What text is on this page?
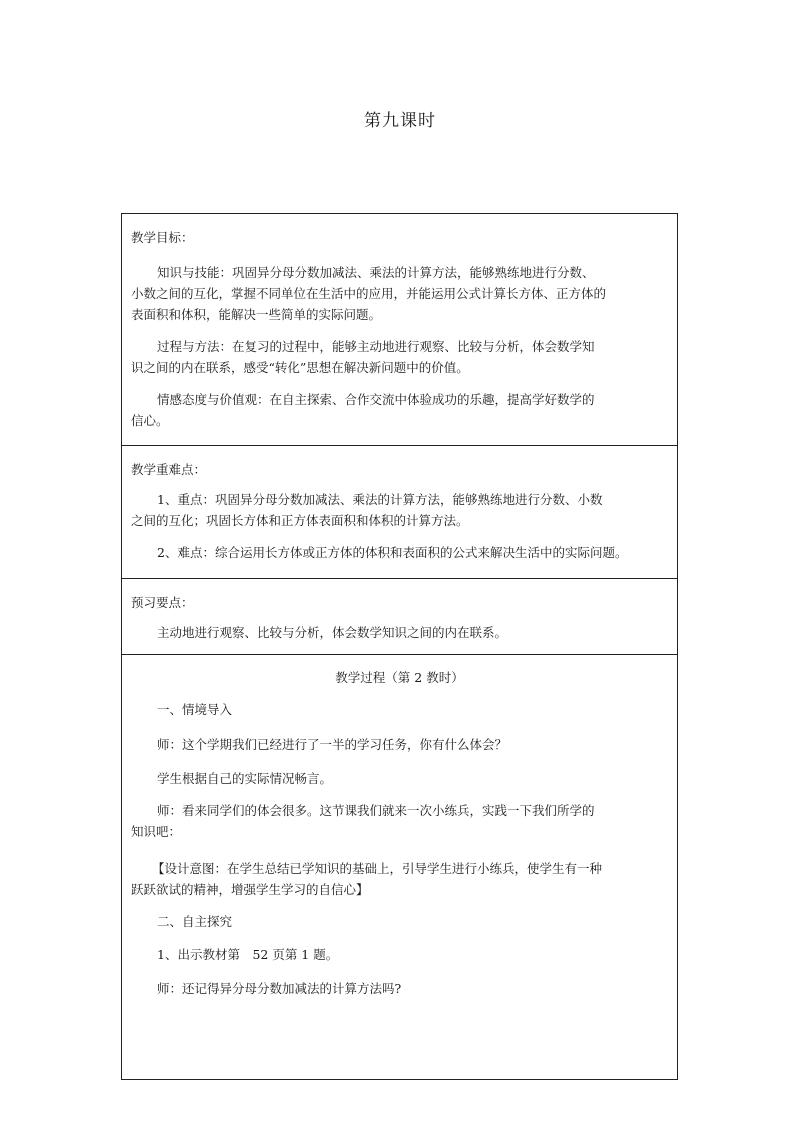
第九课时
教学目标：
知识与技能：巩固异分母分数加减法、乘法的计算方法，能够熟练地进行分数、小数之间的互化，掌握不同单位在生活中的应用，并能运用公式计算长方体、正方体的表面积和体积，能解决一些简单的实际问题。
过程与方法：在复习的过程中，能够主动地进行观察、比较与分析，体会数学知识之间的内在联系，感受“转化”思想在解决新问题中的价值。
情感态度与价值观：在自主探索、合作交流中体验成功的乐趣，提高学好数学的信心。
教学重难点：
1、重点：巩固异分母分数加减法、乘法的计算方法，能够熟练地进行分数、小数之间的互化；巩固长方体和正方体表面积和体积的计算方法。
2、难点：综合运用长方体或正方体的体积和表面积的公式来解决生活中的实际问题。
预习要点：
主动地进行观察、比较与分析，体会数学知识之间的内在联系。
教学过程（第 2 教时）
一、情境导入
师：这个学期我们已经进行了一半的学习任务，你有什么体会？
学生根据自己的实际情况畅言。
师：看来同学们的体会很多。这节课我们就来一次小练兵，实践一下我们所学的知识吧：
【设计意图：在学生总结已学知识的基础上，引导学生进行小练兵，使学生有一种跃跃欲试的精神，增强学生学习的自信心】
二、自主探究
1、出示教材第　52 页第 1 题。
师：还记得异分母分数加减法的计算方法吗?
